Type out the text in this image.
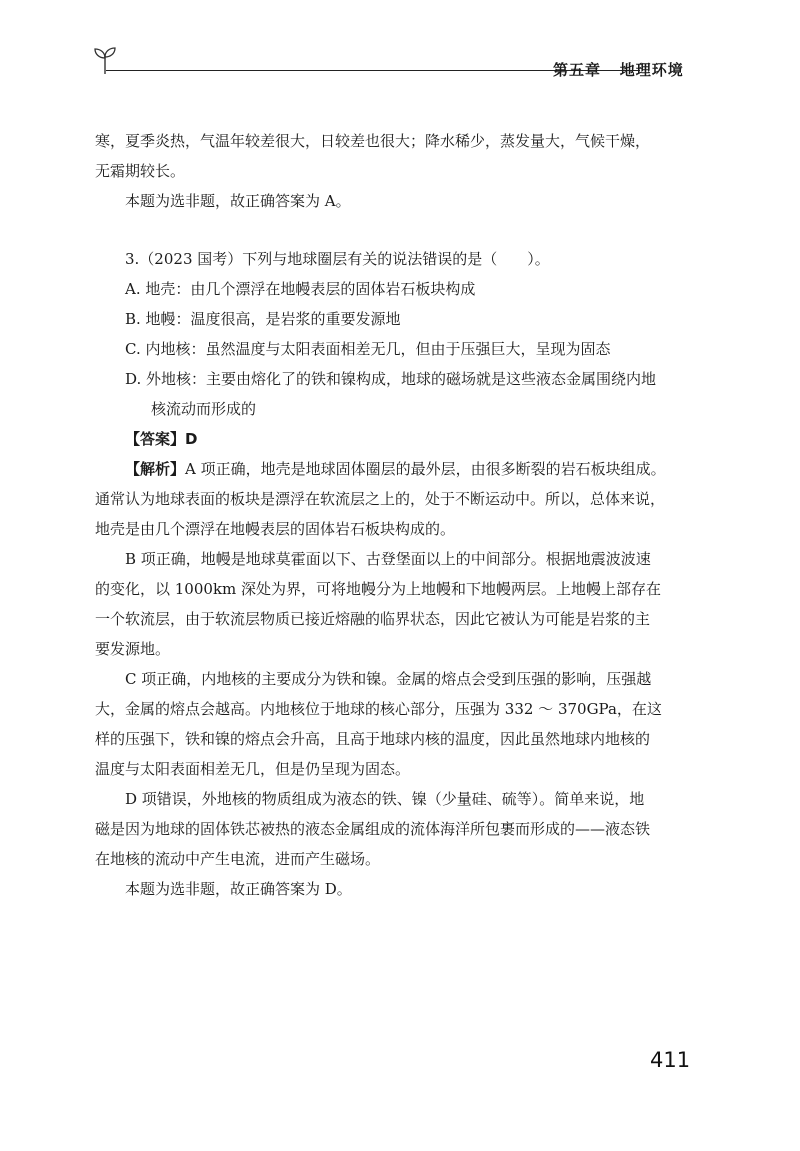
第五章 地理环境
寒，夏季炎热，气温年较差很大，日较差也很大；降水稀少，蒸发量大，气候干燥，
无霜期较长。
本题为选非题，故正确答案为 A。
3.（2023 国考）下列与地球圈层有关的说法错误的是（　　）。
A. 地壳：由几个漂浮在地幔表层的固体岩石板块构成
B. 地幔：温度很高，是岩浆的重要发源地
C. 内地核：虽然温度与太阳表面相差无几，但由于压强巨大，呈现为固态
D. 外地核：主要由熔化了的铁和镍构成，地球的磁场就是这些液态金属围绕内地
核流动而形成的
【答案】D
【解析】A 项正确，地壳是地球固体圈层的最外层，由很多断裂的岩石板块组成。
通常认为地球表面的板块是漂浮在软流层之上的，处于不断运动中。所以，总体来说，
地壳是由几个漂浮在地幔表层的固体岩石板块构成的。
B 项正确，地幔是地球莫霍面以下、古登堡面以上的中间部分。根据地震波波速
的变化，以 1000km 深处为界，可将地幔分为上地幔和下地幔两层。上地幔上部存在
一个软流层，由于软流层物质已接近熔融的临界状态，因此它被认为可能是岩浆的主
要发源地。
C 项正确，内地核的主要成分为铁和镍。金属的熔点会受到压强的影响，压强越
大，金属的熔点会越高。内地核位于地球的核心部分，压强为 332 ～ 370GPa，在这
样的压强下，铁和镍的熔点会升高，且高于地球内核的温度，因此虽然地球内地核的
温度与太阳表面相差无几，但是仍呈现为固态。
D 项错误，外地核的物质组成为液态的铁、镍（少量硅、硫等）。简单来说，地
磁是因为地球的固体铁芯被热的液态金属组成的流体海洋所包裹而形成的——液态铁
在地核的流动中产生电流，进而产生磁场。
本题为选非题，故正确答案为 D。
411
